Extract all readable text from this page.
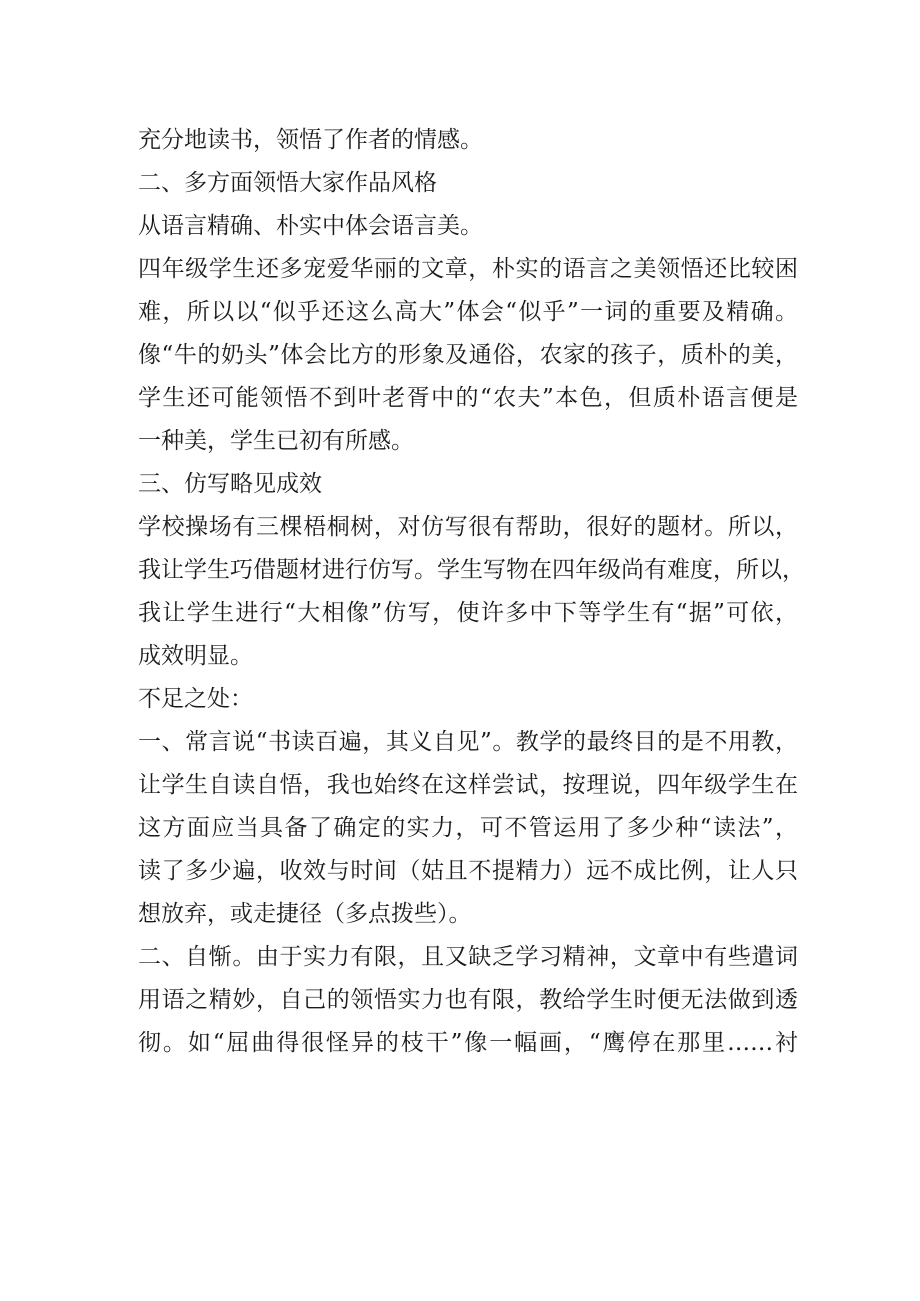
充分地读书，领悟了作者的情感。
二、多方面领悟大家作品风格
从语言精确、朴实中体会语言美。
四年级学生还多宠爱华丽的文章，朴实的语言之美领悟还比较困
难，所以以“似乎还这么高大”体会“似乎”一词的重要及精确。
像“牛的奶头”体会比方的形象及通俗，农家的孩子，质朴的美，
学生还可能领悟不到叶老胥中的“农夫”本色，但质朴语言便是
一种美，学生已初有所感。
三、仿写略见成效
学校操场有三棵梧桐树，对仿写很有帮助，很好的题材。所以，
我让学生巧借题材进行仿写。学生写物在四年级尚有难度，所以，
我让学生进行“大相像”仿写，使许多中下等学生有“据”可依，
成效明显。
不足之处：
一、常言说“书读百遍，其义自见”。教学的最终目的是不用教，
让学生自读自悟，我也始终在这样尝试，按理说，四年级学生在
这方面应当具备了确定的实力，可不管运用了多少种“读法”，
读了多少遍，收效与时间（姑且不提精力）远不成比例，让人只
想放弃，或走捷径（多点拨些）。
二、自惭。由于实力有限，且又缺乏学习精神，文章中有些遣词
用语之精妙，自己的领悟实力也有限，教给学生时便无法做到透
彻。如“屈曲得很怪异的枝干”像一幅画，“鹰停在那里……衬
